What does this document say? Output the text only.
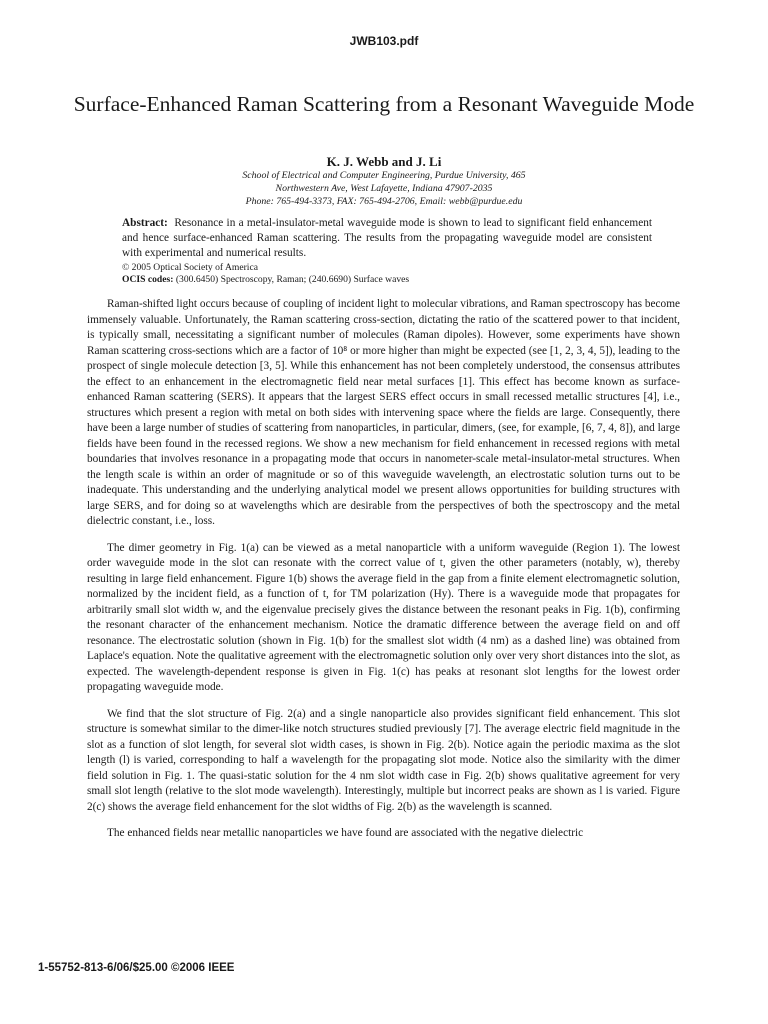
JWB103.pdf
Surface-Enhanced Raman Scattering from a Resonant Waveguide Mode
K. J. Webb and J. Li
School of Electrical and Computer Engineering, Purdue University, 465
Northwestern Ave, West Lafayette, Indiana 47907-2035
Phone: 765-494-3373, FAX: 765-494-2706, Email: webb@purdue.edu

Abstract: Resonance in a metal-insulator-metal waveguide mode is shown to lead to significant field enhancement and hence surface-enhanced Raman scattering. The results from the propagating waveguide model are consistent with experimental and numerical results.

© 2005 Optical Society of America
OCIS codes: (300.6450) Spectroscopy, Raman; (240.6690) Surface waves

Raman-shifted light occurs because of coupling of incident light to molecular vibrations, and Raman spectroscopy has become immensely valuable. Unfortunately, the Raman scattering cross-section, dictating the ratio of the scattered power to that incident, is typically small, necessitating a significant number of molecules (Raman dipoles). However, some experiments have shown Raman scattering cross-sections which are a factor of 10⁸ or more higher than might be expected (see [1, 2, 3, 4, 5]), leading to the prospect of single molecule detection [3, 5]. While this enhancement has not been completely understood, the consensus attributes the effect to an enhancement in the electromagnetic field near metal surfaces [1]. This effect has become known as surface-enhanced Raman scattering (SERS). It appears that the largest SERS effect occurs in small recessed metallic structures [4], i.e., structures which present a region with metal on both sides with intervening space where the fields are large. Consequently, there have been a large number of studies of scattering from nanoparticles, in particular, dimers, (see, for example, [6, 7, 4, 8]), and large fields have been found in the recessed regions. We show a new mechanism for field enhancement in recessed regions with metal boundaries that involves resonance in a propagating mode that occurs in nanometer-scale metal-insulator-metal structures. When the length scale is within an order of magnitude or so of this waveguide wavelength, an electrostatic solution turns out to be inadequate. This understanding and the underlying analytical model we present allows opportunities for building structures with large SERS, and for doing so at wavelengths which are desirable from the perspectives of both the spectroscopy and the metal dielectric constant, i.e., loss.

The dimer geometry in Fig. 1(a) can be viewed as a metal nanoparticle with a uniform waveguide (Region 1). The lowest order waveguide mode in the slot can resonate with the correct value of t, given the other parameters (notably, w), thereby resulting in large field enhancement. Figure 1(b) shows the average field in the gap from a finite element electromagnetic solution, normalized by the incident field, as a function of t, for TM polarization (Hy). There is a waveguide mode that propagates for arbitrarily small slot width w, and the eigenvalue precisely gives the distance between the resonant peaks in Fig. 1(b), confirming the resonant character of the enhancement mechanism. Notice the dramatic difference between the average field on and off resonance. The electrostatic solution (shown in Fig. 1(b) for the smallest slot width (4 nm) as a dashed line) was obtained from Laplace's equation. Note the qualitative agreement with the electromagnetic solution only over very short distances into the slot, as expected. The wavelength-dependent response is given in Fig. 1(c) has peaks at resonant slot lengths for the lowest order propagating waveguide mode.

We find that the slot structure of Fig. 2(a) and a single nanoparticle also provides significant field enhancement. This slot structure is somewhat similar to the dimer-like notch structures studied previously [7]. The average electric field magnitude in the slot as a function of slot length, for several slot width cases, is shown in Fig. 2(b). Notice again the periodic maxima as the slot length (l) is varied, corresponding to half a wavelength for the propagating slot mode. Notice also the similarity with the dimer field solution in Fig. 1. The quasi-static solution for the 4 nm slot width case in Fig. 2(b) shows qualitative agreement for very small slot length (relative to the slot mode wavelength). Interestingly, multiple but incorrect peaks are shown as l is varied. Figure 2(c) shows the average field enhancement for the slot widths of Fig. 2(b) as the wavelength is scanned.

The enhanced fields near metallic nanoparticles we have found are associated with the negative dielectric

1-55752-813-6/06/$25.00 ©2006 IEEE
